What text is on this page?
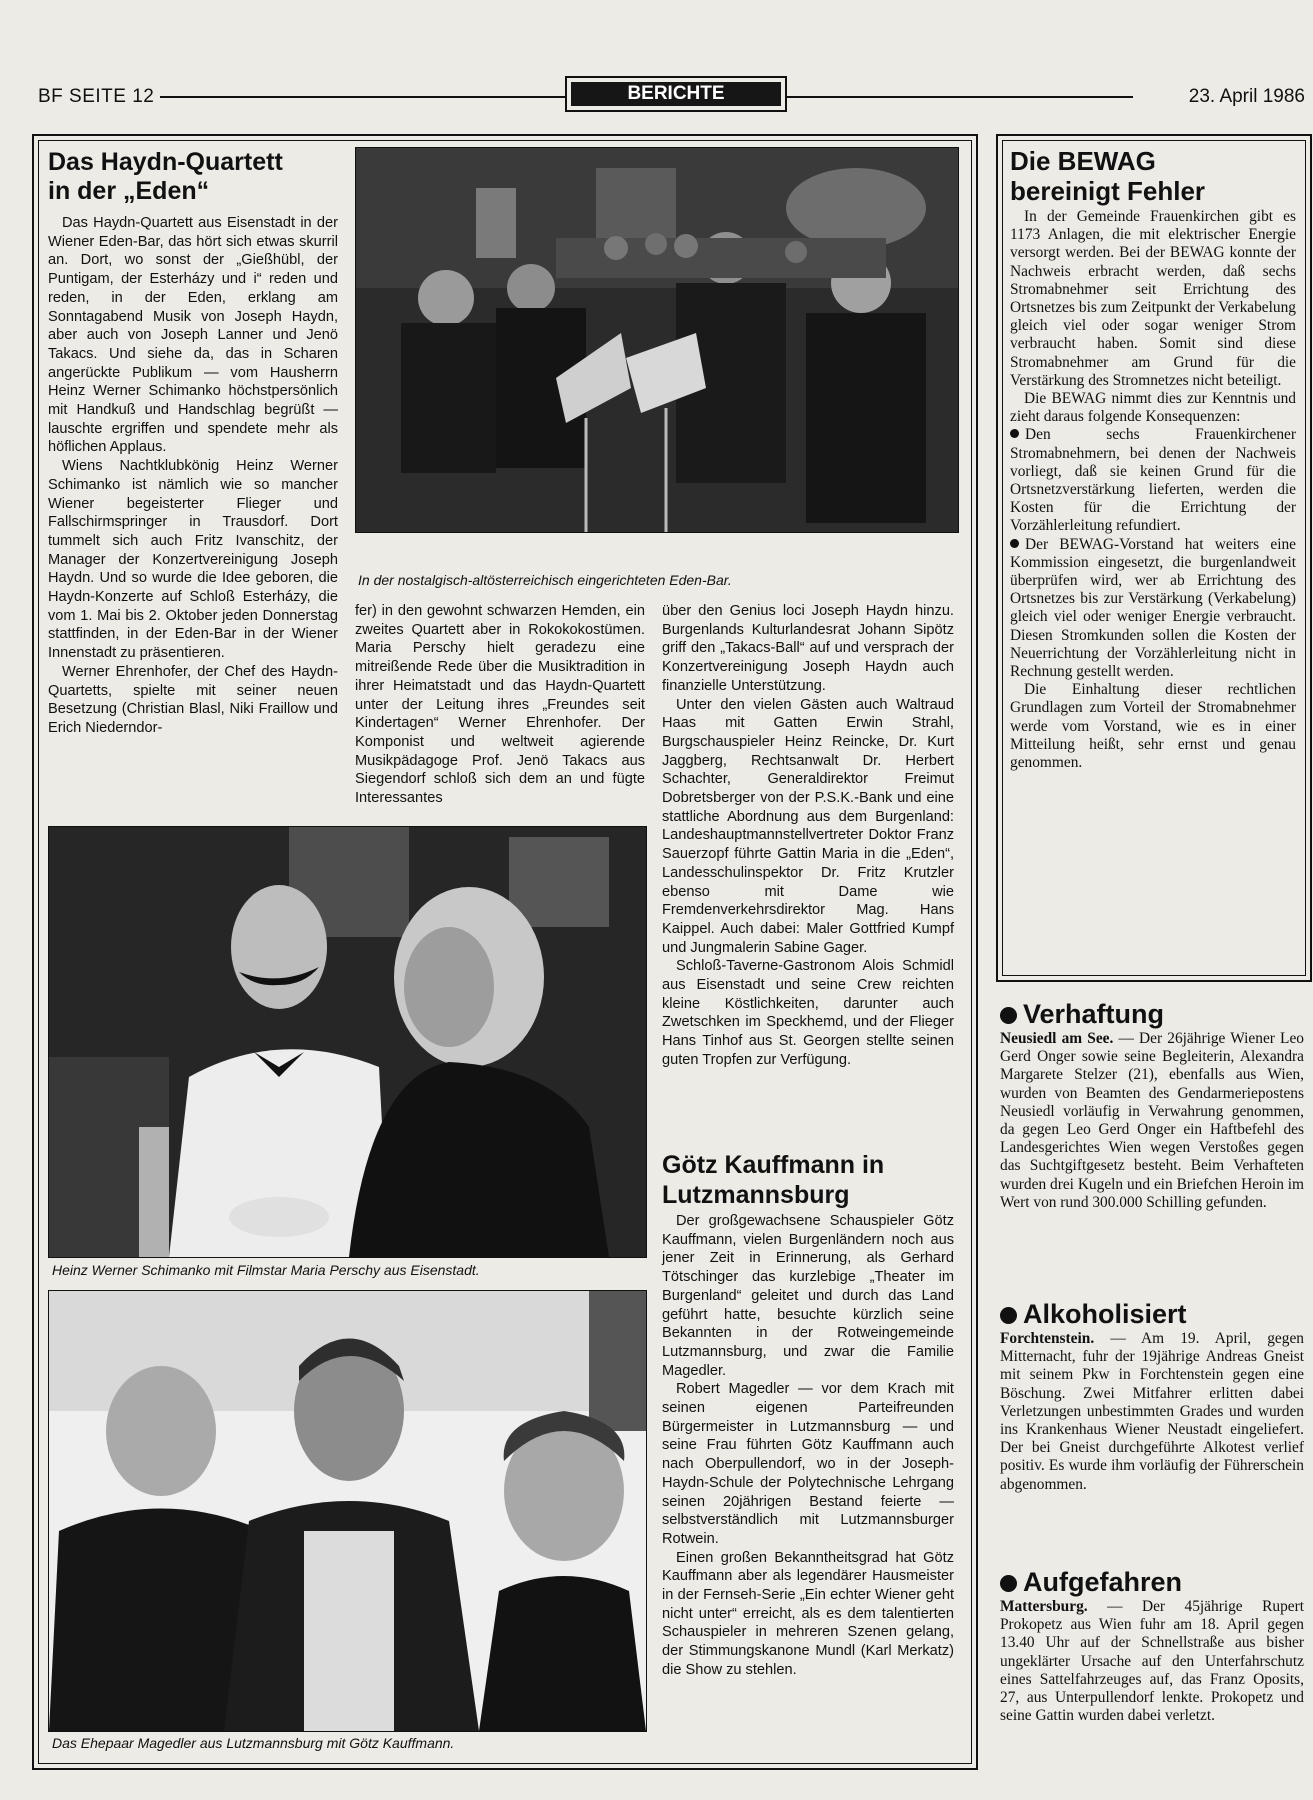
BF SEITE 12	BERICHTE	23. April 1986
Das Haydn-Quartett
in der „Eden“

Das Haydn-Quartett aus Eisenstadt in der Wiener Eden-Bar, das hört sich etwas skurril an. Dort, wo sonst der „Gießhübl, der Puntigam, der Esterházy und i“ reden und reden, in der Eden, erklang am Sonntagabend Musik von Joseph Haydn, aber auch von Joseph Lanner und Jenö Takacs. Und siehe da, das in Scharen angerückte Publikum — vom Hausherrn Heinz Werner Schimanko höchstpersönlich mit Handkuß und Handschlag begrüßt — lauschte ergriffen und spendete mehr als höflichen Applaus.

Wiens Nachtklubkönig Heinz Werner Schimanko ist nämlich wie so mancher Wiener begeisterter Flieger und Fallschirmspringer in Trausdorf. Dort tummelt sich auch Fritz Ivanschitz, der Manager der Konzertvereinigung Joseph Haydn. Und so wurde die Idee geboren, die Haydn-Konzerte auf Schloß Esterházy, die vom 1. Mai bis 2. Oktober jeden Donnerstag stattfinden, in der Eden-Bar in der Wiener Innenstadt zu präsentieren.

Werner Ehrenhofer, der Chef des Haydn-Quartetts, spielte mit seiner neuen Besetzung (Christian Blasl, Niki Fraillow und Erich Niederndor-

In der nostalgisch-altösterreichisch eingerichteten Eden-Bar.

fer) in den gewohnt schwarzen Hemden, ein zweites Quartett aber in Rokokokostümen. Maria Perschy hielt geradezu eine mitreißende Rede über die Musiktradition in ihrer Heimatstadt und das Haydn-Quartett unter der Leitung ihres „Freundes seit Kindertagen“ Werner Ehrenhofer. Der Komponist und weltweit agierende Musikpädagoge Prof. Jenö Takacs aus Siegendorf schloß sich dem an und fügte Interessantes

Heinz Werner Schimanko mit Filmstar Maria Perschy aus Eisenstadt.
Das Ehepaar Magedler aus Lutzmannsburg mit Götz Kauffmann.

über den Genius loci Joseph Haydn hinzu. Burgenlands Kulturlandesrat Johann Sipötz griff den „Takacs-Ball“ auf und versprach der Konzertvereinigung Joseph Haydn auch finanzielle Unterstützung.

Unter den vielen Gästen auch Waltraud Haas mit Gatten Erwin Strahl, Burgschauspieler Heinz Reincke, Dr. Kurt Jaggberg, Rechtsanwalt Dr. Herbert Schachter, Generaldirektor Freimut Dobretsberger von der P.S.K.-Bank und eine stattliche Abordnung aus dem Burgenland: Landeshauptmannstellvertreter Doktor Franz Sauerzopf führte Gattin Maria in die „Eden“, Landesschulinspektor Dr. Fritz Krutzler ebenso mit Dame wie Fremdenverkehrsdirektor Mag. Hans Kaippel. Auch dabei: Maler Gottfried Kumpf und Jungmalerin Sabine Gager.

Schloß-Taverne-Gastronom Alois Schmidl aus Eisenstadt und seine Crew reichten kleine Köstlichkeiten, darunter auch Zwetschken im Speckhemd, und der Flieger Hans Tinhof aus St. Georgen stellte seinen guten Tropfen zur Verfügung.

Götz Kauffmann in
Lutzmannsburg

Der großgewachsene Schauspieler Götz Kauffmann, vielen Burgenländern noch aus jener Zeit in Erinnerung, als Gerhard Tötschinger das kurzlebige „Theater im Burgenland“ geleitet und durch das Land geführt hatte, besuchte kürzlich seine Bekannten in der Rotweingemeinde Lutzmannsburg, und zwar die Familie Magedler.

Robert Magedler — vor dem Krach mit seinen eigenen Parteifreunden Bürgermeister in Lutzmannsburg — und seine Frau führten Götz Kauffmann auch nach Oberpullendorf, wo in der Joseph-Haydn-Schule der Polytechnische Lehrgang seinen 20jährigen Bestand feierte — selbstverständlich mit Lutzmannsburger Rotwein.

Einen großen Bekanntheitsgrad hat Götz Kauffmann aber als legendärer Hausmeister in der Fernseh-Serie „Ein echter Wiener geht nicht unter“ erreicht, als es dem talentierten Schauspieler in mehreren Szenen gelang, der Stimmungskanone Mundl (Karl Merkatz) die Show zu stehlen.

Die BEWAG
bereinigt Fehler

In der Gemeinde Frauenkirchen gibt es 1173 Anlagen, die mit elektrischer Energie versorgt werden. Bei der BEWAG konnte der Nachweis erbracht werden, daß sechs Stromabnehmer seit Errichtung des Ortsnetzes bis zum Zeitpunkt der Verkabelung gleich viel oder sogar weniger Strom verbraucht haben. Somit sind diese Stromabnehmer am Grund für die Verstärkung des Stromnetzes nicht beteiligt.

Die BEWAG nimmt dies zur Kenntnis und zieht daraus folgende Konsequenzen:

Den sechs Frauenkirchener Stromabnehmern, bei denen der Nachweis vorliegt, daß sie keinen Grund für die Ortsnetzverstärkung lieferten, werden die Kosten für die Errichtung der Vorzählerleitung refundiert.

Der BEWAG-Vorstand hat weiters eine Kommission eingesetzt, die burgenlandweit überprüfen wird, wer ab Errichtung des Ortsnetzes bis zur Verstärkung (Verkabelung) gleich viel oder weniger Energie verbraucht. Diesen Stromkunden sollen die Kosten der Neuerrichtung der Vorzählerleitung nicht in Rechnung gestellt werden.

Die Einhaltung dieser rechtlichen Grundlagen zum Vorteil der Stromabnehmer werde vom Vorstand, wie es in einer Mitteilung heißt, sehr ernst und genau genommen.

Verhaftung

Neusiedl am See. — Der 26jährige Wiener Leo Gerd Onger sowie seine Begleiterin, Alexandra Margarete Stelzer (21), ebenfalls aus Wien, wurden von Beamten des Gendarmeriepostens Neusiedl vorläufig in Verwahrung genommen, da gegen Leo Gerd Onger ein Haftbefehl des Landesgerichtes Wien wegen Verstoßes gegen das Suchtgiftgesetz besteht. Beim Verhafteten wurden drei Kugeln und ein Briefchen Heroin im Wert von rund 300.000 Schilling gefunden.

Alkoholisiert

Forchtenstein. — Am 19. April, gegen Mitternacht, fuhr der 19jährige Andreas Gneist mit seinem Pkw in Forchtenstein gegen eine Böschung. Zwei Mitfahrer erlitten dabei Verletzungen unbestimmten Grades und wurden ins Krankenhaus Wiener Neustadt eingeliefert. Der bei Gneist durchgeführte Alkotest verlief positiv. Es wurde ihm vorläufig der Führerschein abgenommen.

Aufgefahren

Mattersburg. — Der 45jährige Rupert Prokopetz aus Wien fuhr am 18. April gegen 13.40 Uhr auf der Schnellstraße aus bisher ungeklärter Ursache auf den Unterfahrschutz eines Sattelfahrzeuges auf, das Franz Oposits, 27, aus Unterpullendorf lenkte. Prokopetz und seine Gattin wurden dabei verletzt.
